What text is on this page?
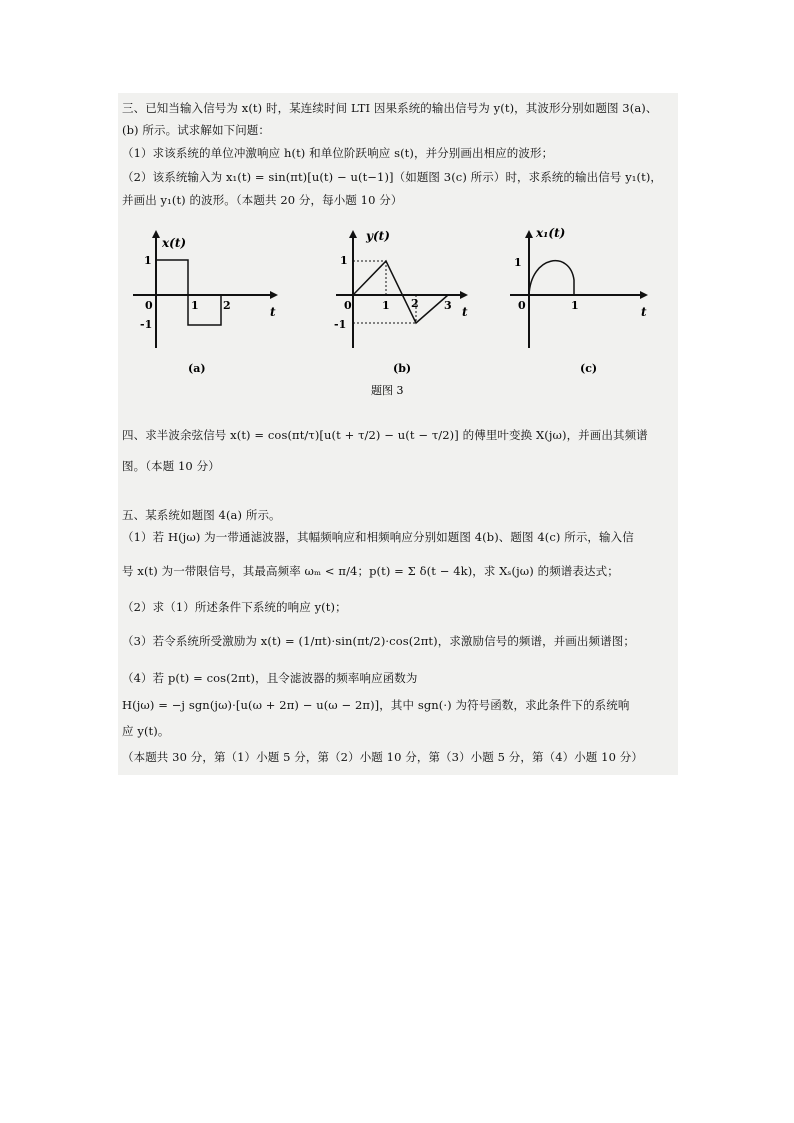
三、已知当输入信号为 x(t) 时，某连续时间 LTI 因果系统的输出信号为 y(t)，其波形分别如题图 3(a)、
(b) 所示。试求解如下问题：
（1）求该系统的单位冲激响应 h(t) 和单位阶跃响应 s(t)，并分别画出相应的波形；
（2）该系统输入为 x₁(t) = sin(πt)[u(t) − u(t−1)]（如题图 3(c) 所示）时，求系统的输出信号 y₁(t)，
并画出 y₁(t) 的波形。（本题共 20 分，每小题 10 分）
x(t)
1
-1
0	1 2	t
(a)
y(t)
1
-1
0	1 2 3 t
(b)
x₁(t)
1
0	1	t
(c)
题图 3
四、求半波余弦信号 x(t) = cos(πt/τ)[u(t + τ/2) − u(t − τ/2)] 的傅里叶变换 X(jω)，并画出其频谱
图。（本题 10 分）
五、某系统如题图 4(a) 所示。
（1）若 H(jω) 为一带通滤波器，其幅频响应和相频响应分别如题图 4(b)、题图 4(c) 所示，输入信
号 x(t) 为一带限信号，其最高频率 ωₘ < π/4；p(t) = Σ δ(t − 4k)，求 Xₛ(jω) 的频谱表达式；
（2）求（1）所述条件下系统的响应 y(t)；
（3）若令系统所受激励为 x(t) = (1/πt)·sin(πt/2)·cos(2πt)，求激励信号的频谱，并画出频谱图；
（4）若 p(t) = cos(2πt)，且令滤波器的频率响应函数为
H(jω) = −j sgn(jω)·[u(ω + 2π) − u(ω − 2π)]，其中 sgn(·) 为符号函数，求此条件下的系统响
应 y(t)。
（本题共 30 分，第（1）小题 5 分，第（2）小题 10 分，第（3）小题 5 分，第（4）小题 10 分）
